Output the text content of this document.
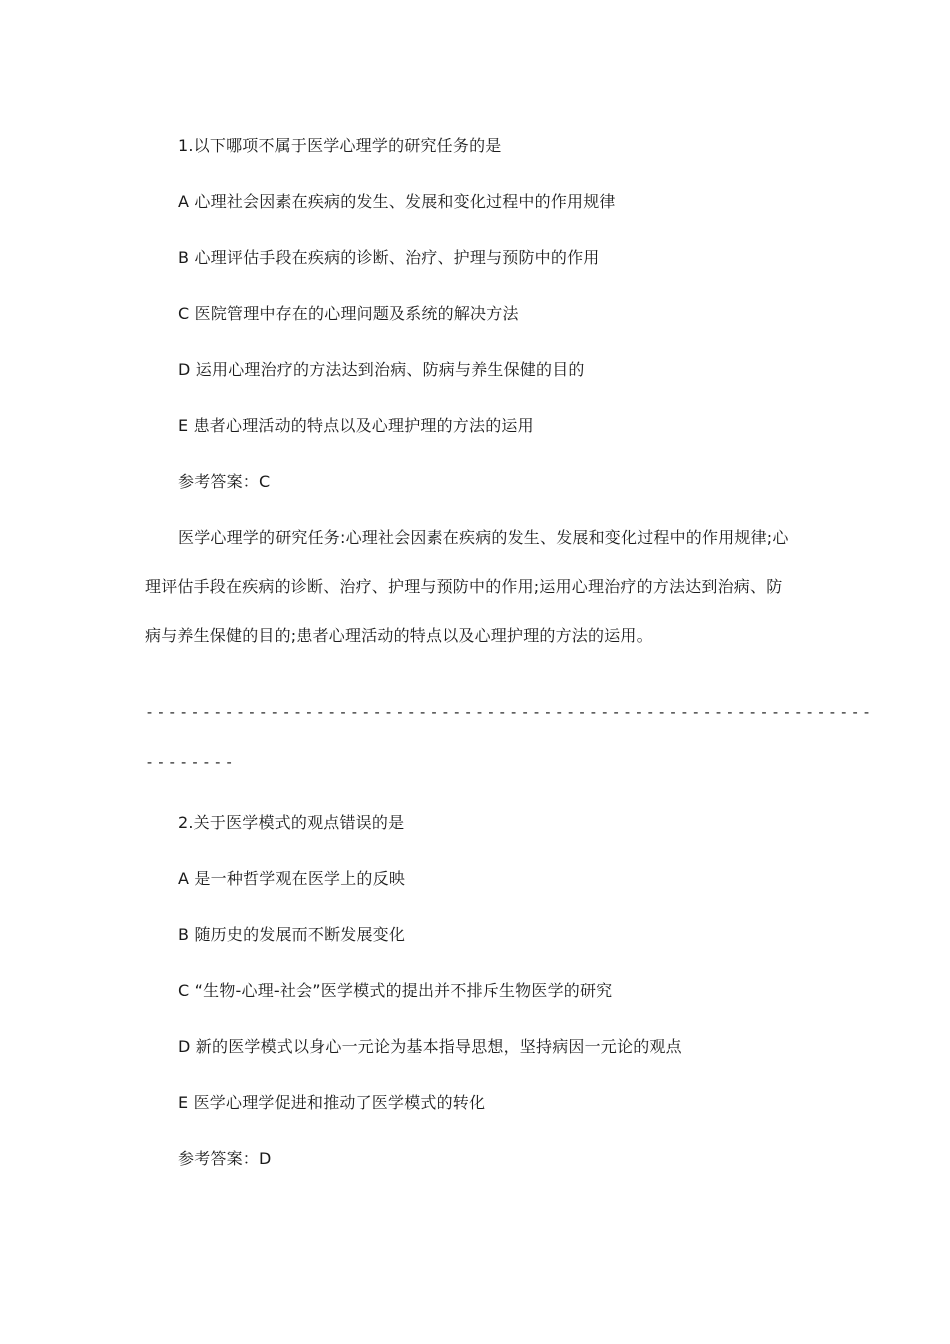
1.以下哪项不属于医学心理学的研究任务的是
A 心理社会因素在疾病的发生、发展和变化过程中的作用规律
B 心理评估手段在疾病的诊断、治疗、护理与预防中的作用
C 医院管理中存在的心理问题及系统的解决方法
D 运用心理治疗的方法达到治病、防病与养生保健的目的
E 患者心理活动的特点以及心理护理的方法的运用
参考答案：C
医学心理学的研究任务:心理社会因素在疾病的发生、发展和变化过程中的作用规律;心
理评估手段在疾病的诊断、治疗、护理与预防中的作用;运用心理治疗的方法达到治病、防
病与养生保健的目的;患者心理活动的特点以及心理护理的方法的运用。
----------------------------------------------------------------
--------
2.关于医学模式的观点错误的是
A 是一种哲学观在医学上的反映
B 随历史的发展而不断发展变化
C “生物-心理-社会”医学模式的提出并不排斥生物医学的研究
D 新的医学模式以身心一元论为基本指导思想，坚持病因一元论的观点
E 医学心理学促进和推动了医学模式的转化
参考答案：D
